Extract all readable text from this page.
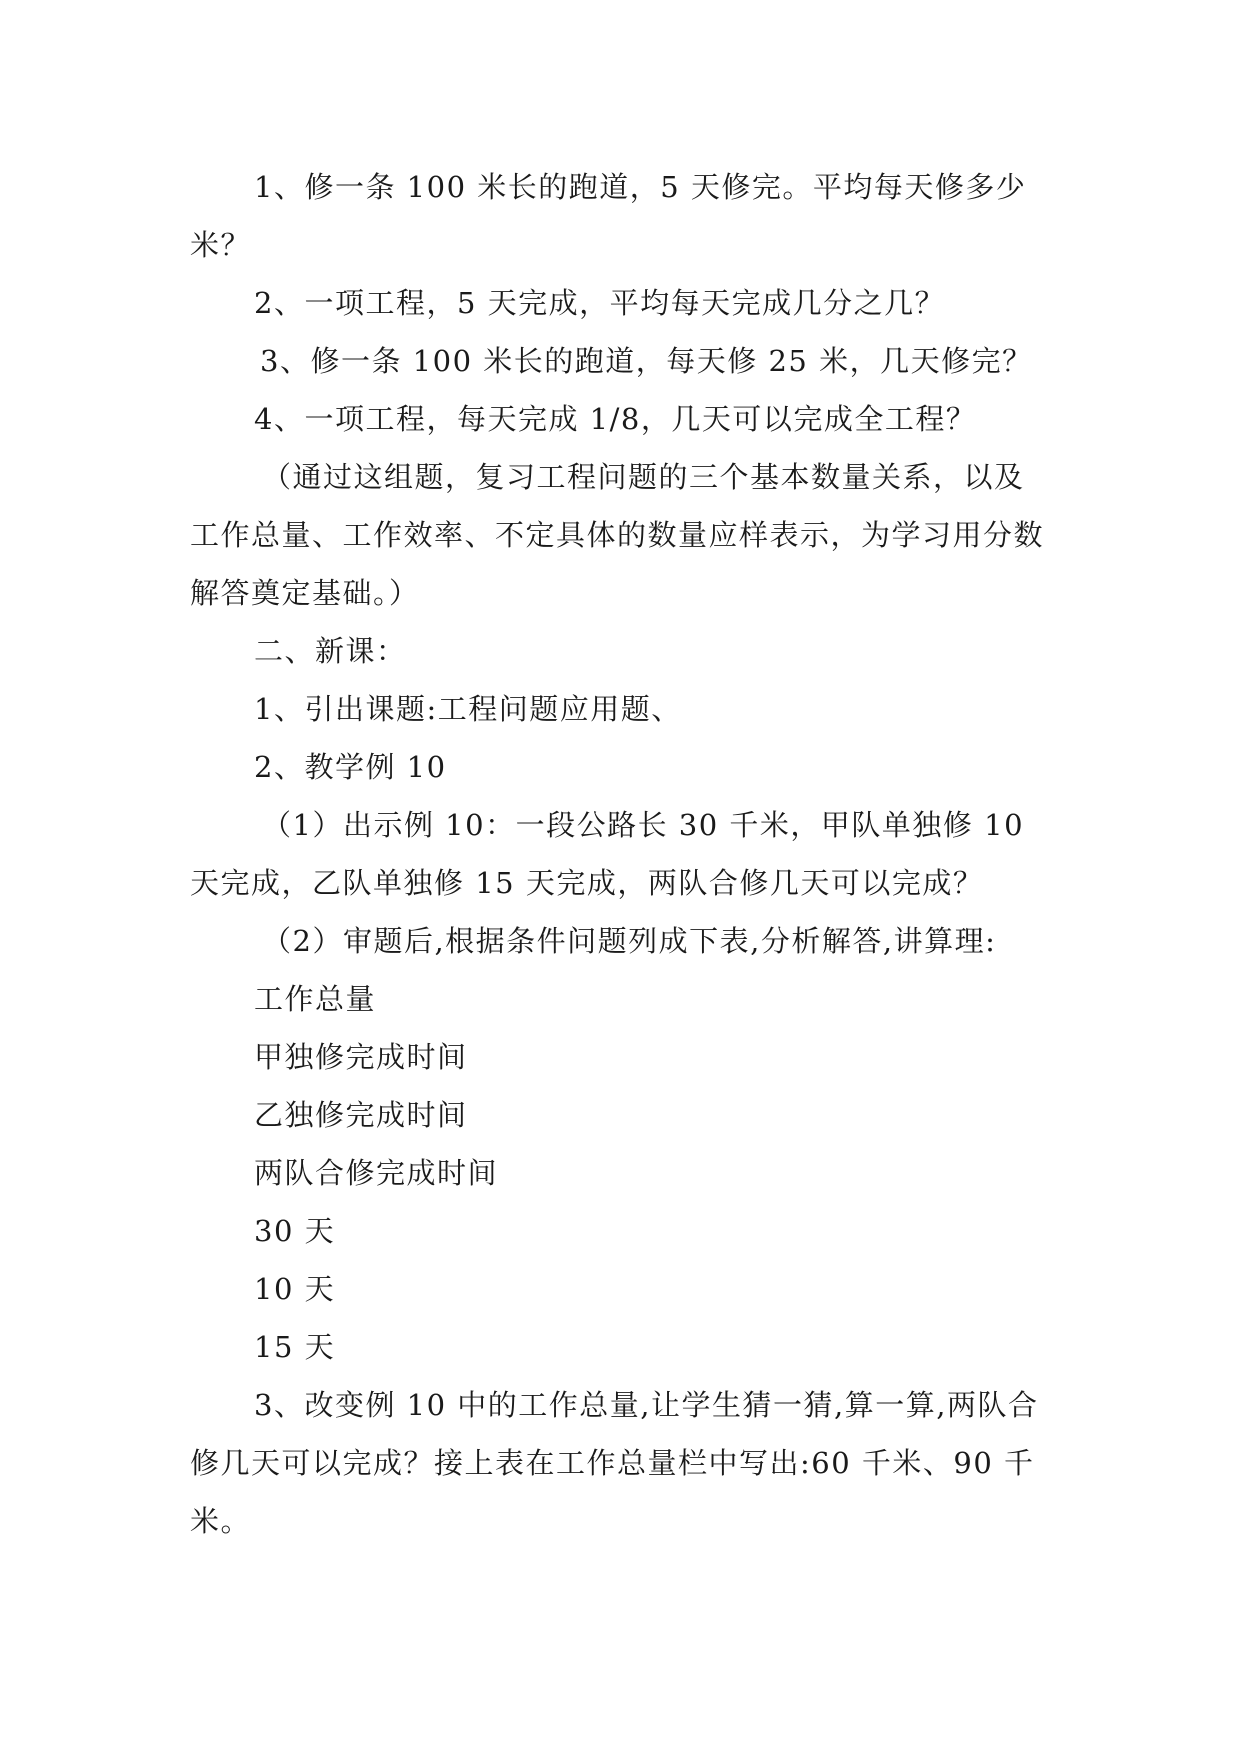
1、修一条 100 米长的跑道，5 天修完。平均每天修多少米？

2、一项工程，5 天完成，平均每天完成几分之几？

3、修一条 100 米长的跑道，每天修 25 米，几天修完？

4、一项工程，每天完成 1/8，几天可以完成全工程？

（通过这组题，复习工程问题的三个基本数量关系，以及工作总量、工作效率、不定具体的数量应样表示，为学习用分数解答奠定基础。）

二、新课：

1、引出课题:工程问题应用题、

2、教学例 10

（1）出示例 10：一段公路长 30 千米，甲队单独修 10 天完成，乙队单独修 15 天完成，两队合修几天可以完成？

（2）审题后,根据条件问题列成下表,分析解答,讲算理:

工作总量

甲独修完成时间

乙独修完成时间

两队合修完成时间

30 天

10 天

15 天

3、改变例 10 中的工作总量,让学生猜一猜,算一算,两队合修几天可以完成？接上表在工作总量栏中写出:60 千米、90 千米。
